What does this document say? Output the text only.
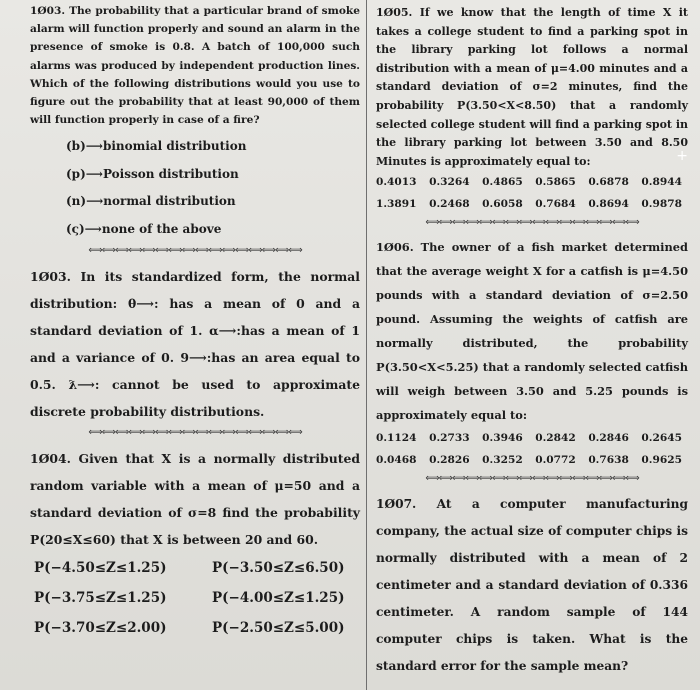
1Ø03. The probability that a particular brand of smoke alarm will function properly and sound an alarm in the presence of smoke is 0.8. A batch of 100,000 such alarms was produced by independent production lines. Which of the following distributions would you use to figure out the probability that at least 90,000 of them will function properly in case of a fire?

(b)⟶binomial distribution
(p)⟶Poisson distribution
(n)⟶normal distribution
(ς)⟶none of the above
⟺⟺⟺⟺⟺⟺⟺⟺⟺⟺⟺⟺⟺⟺⟺⟺

1Ø03. In its standardized form, the normal distribution: θ⟶: has a mean of 0 and a standard deviation of 1. α⟶:has a mean of 1 and a variance of 0. 9⟶:has an area equal to 0.5. ƛ⟶: cannot be used to approximate discrete probability distributions.

⟺⟺⟺⟺⟺⟺⟺⟺⟺⟺⟺⟺⟺⟺⟺⟺

1Ø04. Given that X is a normally distributed random variable with a mean of μ=50 and a standard deviation of σ=8 find the probability P(20≤X≤60) that X is between 20 and 60.

P(−4.50≤Z≤1.25)	P(−3.50≤Z≤6.50)
P(−3.75≤Z≤1.25)	P(−4.00≤Z≤1.25)
P(−3.70≤Z≤2.00)	P(−2.50≤Z≤5.00)

1Ø05. If we know that the length of time X it takes a college student to find a parking spot in the library parking lot follows a normal distribution with a mean of μ=4.00 minutes and a standard deviation of σ=2 minutes, find the probability P(3.50<X<8.50) that a randomly selected college student will find a parking spot in the library parking lot between 3.50 and 8.50 Minutes is approximately equal to:

0.4013 0.3264 0.4865 0.5865 0.6878 0.8944
1.3891 0.2468 0.6058 0.7684 0.8694 0.9878
⟺⟺⟺⟺⟺⟺⟺⟺⟺⟺⟺⟺⟺⟺⟺⟺

1Ø06. The owner of a fish market determined that the average weight X for a catfish is μ=4.50 pounds with a standard deviation of σ=2.50 pound. Assuming the weights of catfish are normally distributed, the probability P(3.50<X<5.25) that a randomly selected catfish will weigh between 3.50 and 5.25 pounds is approximately equal to:

0.1124 0.2733 0.3946 0.2842 0.2846 0.2645
0.0468 0.2826 0.3252 0.0772 0.7638 0.9625
⟺⟺⟺⟺⟺⟺⟺⟺⟺⟺⟺⟺⟺⟺⟺⟺

1Ø07. At a computer manufacturing company, the actual size of computer chips is normally distributed with a mean of 2 centimeter and a standard deviation of 0.336 centimeter. A random sample of 144 computer chips is taken. What is the standard error for the sample mean?

+
